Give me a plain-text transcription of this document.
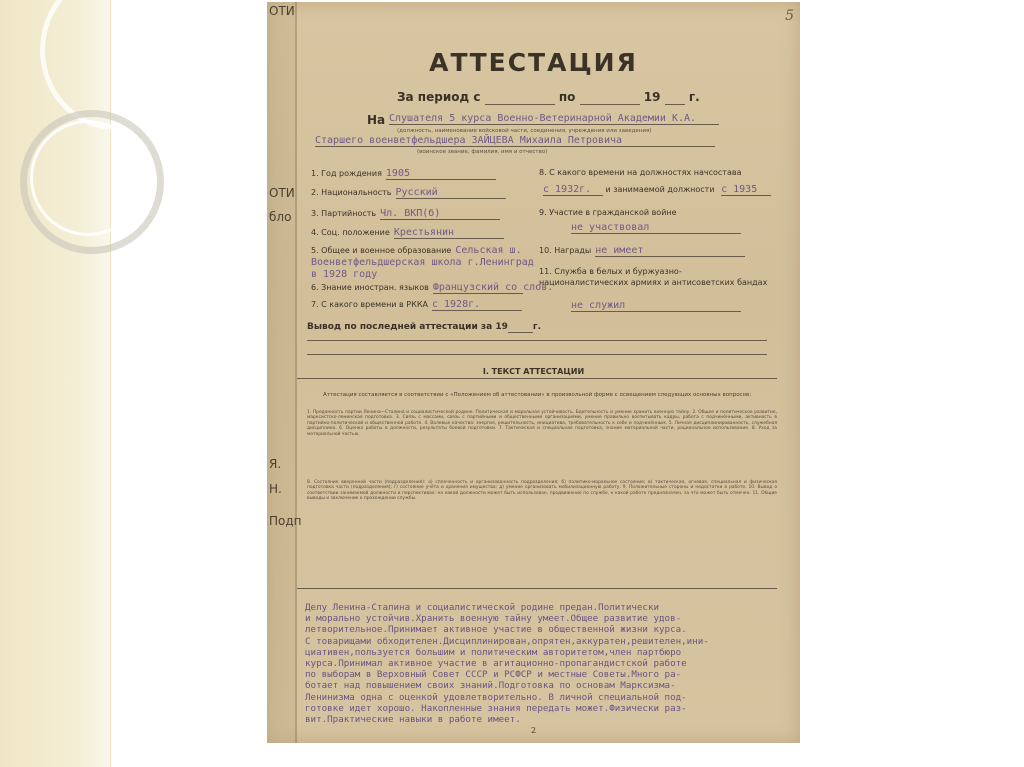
ОТИ
ОТИ
бло
Я.
Н.
Подп
5
АТТЕСТАЦИЯ
За период с	по	19 г.
На Слушателя 5 курса Военно-Ветеринарной Академии К.А.
(должность, наименование войсковой части, соединения, учреждения или заведения)
Старшего военветфельдшера ЗАЙЦЕВА Михаила Петровича
(воинское звание, фамилия, имя и отчество)
1. Год рождения 1905
2. Национальность Русский
3. Партийность Чл. ВКП(б)
4. Соц. положение Крестьянин
5. Общее и военное образование Сельская ш. Военветфельдшерская школа г.Ленинград в 1928 году
6. Знание иностран. языков Французский со слов.
7. С какого времени в РККА с 1928г.
8. С какого времени на должностях начсостава
с 1932г. и занимаемой должности с 1935
9. Участие в гражданской войне
не участвовал
10. Награды не имеет
11. Служба в белых и буржуазно-националистических армиях и антисоветских бандах
не служил
Вывод по последней аттестации за 19	г.
I. ТЕКСТ АТТЕСТАЦИИ
Аттестация составляется в соответствии с «Положением об аттестовании» в произвольной форме с освещением следующих основных вопросов:
1. Преданность партии Ленина—Сталина и социалистической родине. Политическая и моральная устойчивость. Бдительность и умение хранить военную тайну. 2. Общее и политическое развитие, марксистско-ленинская подготовка. 3. Связь с массами, связь с партийными и общественными организациями, умение правильно воспитывать кадры, работа с подчинёнными, активность в партийно-политической и общественной работе. 4. Волевые качества: энергия, решительность, инициатива, требовательность к себе и подчинённым. 5. Личная дисциплинированность, служебная дисциплина. 6. Оценка работы в должности, результаты боевой подготовки. 7. Тактическая и специальная подготовка, знание материальной части, рациональное использование. 8. Уход за материальной частью.
8. Состояние вверенной части (подразделения): а) сплоченность и организованность подразделения; б) политико-моральное состояние; в) тактическая, огневая, специальная и физическая подготовка части (подразделения); г) состояние учёта и хранения имущества; д) умение организовать мобилизационную работу. 9. Положительные стороны и недостатки в работе. 10. Вывод о соответствии занимаемой должности и перспективах: на какой должности может быть использован, продвижение по службе, к какой работе предназначен, за что может быть отмечен. 11. Общие выводы и заключение о прохождении службы.
Делу Ленина-Сталина и социалистической родине предан.Политически
и морально устойчив.Хранить военную тайну умеет.Общее развитие удов-
летворительное.Принимает активное участие в общественной жизни курса.
С товарищами обходителен.Дисциплинирован,опрятен,аккуратен,решителен,ини-
циативен,пользуется большим и политическим авторитетом,член партбюро
курса.Принимал активное участие в агитационно-пропагандистской работе
по выборам в Верховный Совет СССР и РСФСР и местные Советы.Много ра-
ботает над повышением своих знаний.Подготовка по основам Марксизма-
Ленинизма одна с оценкой удовлетворительно. В личной специальной под-
готовке идет хорошо. Накопленные знания передать может.Физически раз-
вит.Практические навыки в работе имеет.
2
